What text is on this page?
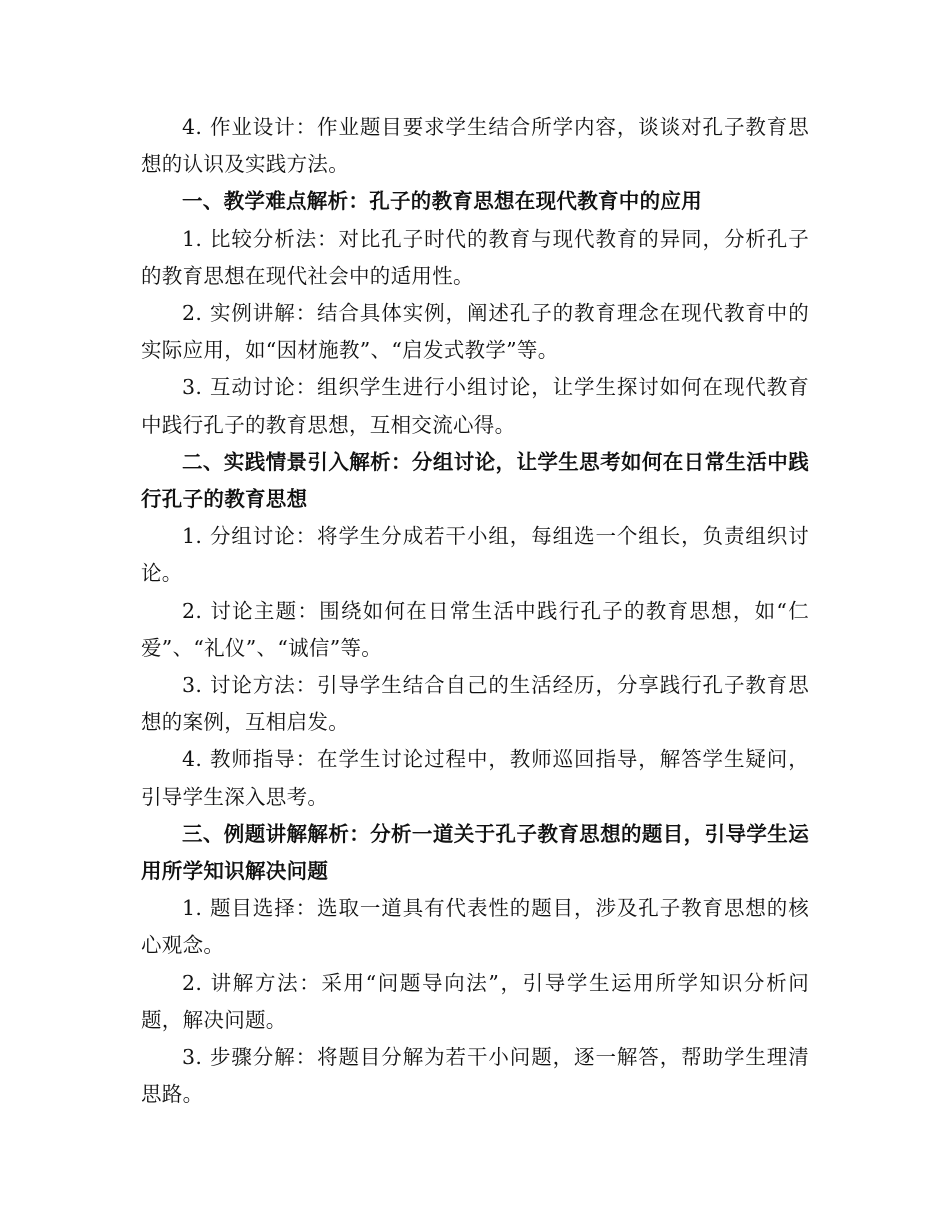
4. 作业设计：作业题目要求学生结合所学内容，谈谈对孔子教育思想的认识及实践方法。

一、教学难点解析：孔子的教育思想在现代教育中的应用

1. 比较分析法：对比孔子时代的教育与现代教育的异同，分析孔子的教育思想在现代社会中的适用性。

2. 实例讲解：结合具体实例，阐述孔子的教育理念在现代教育中的实际应用，如“因材施教”、“启发式教学”等。

3. 互动讨论：组织学生进行小组讨论，让学生探讨如何在现代教育中践行孔子的教育思想，互相交流心得。

二、实践情景引入解析：分组讨论，让学生思考如何在日常生活中践行孔子的教育思想

1. 分组讨论：将学生分成若干小组，每组选一个组长，负责组织讨论。

2. 讨论主题：围绕如何在日常生活中践行孔子的教育思想，如“仁爱”、“礼仪”、“诚信”等。

3. 讨论方法：引导学生结合自己的生活经历，分享践行孔子教育思想的案例，互相启发。

4. 教师指导：在学生讨论过程中，教师巡回指导，解答学生疑问，引导学生深入思考。

三、例题讲解解析：分析一道关于孔子教育思想的题目，引导学生运用所学知识解决问题

1. 题目选择：选取一道具有代表性的题目，涉及孔子教育思想的核心观念。

2. 讲解方法：采用“问题导向法”，引导学生运用所学知识分析问题，解决问题。

3. 步骤分解：将题目分解为若干小问题，逐一解答，帮助学生理清思路。
